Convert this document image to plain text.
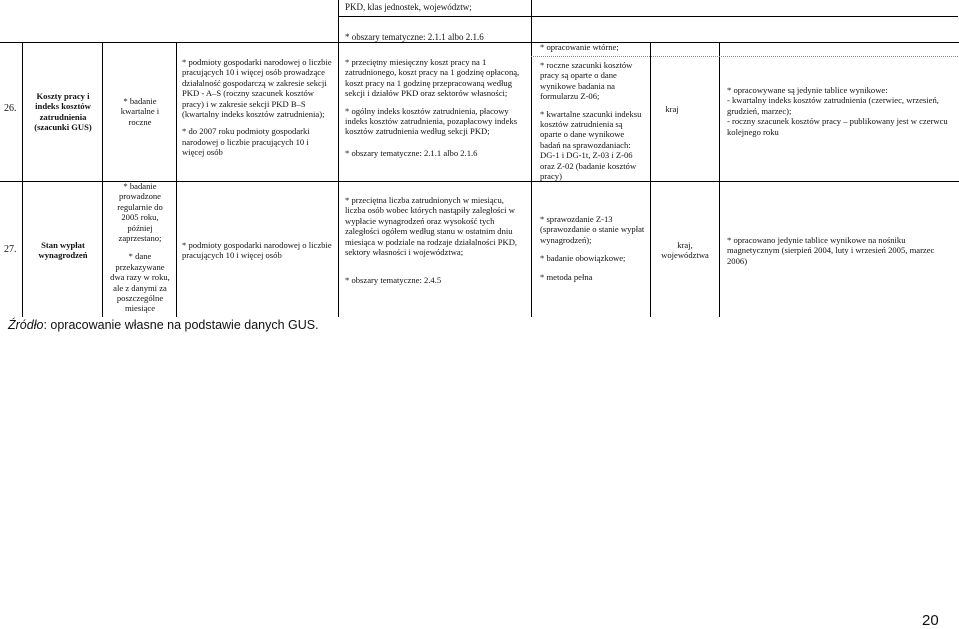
PKD, klas jednostek, województw;
* obszary tematyczne: 2.1.1 albo 2.1.6
26.
Koszty pracy i indeks kosztów zatrudnienia (szacunki GUS)
* badanie kwartalne i roczne

* podmioty gospodarki narodowej o liczbie pracujących 10 i więcej osób prowadzące działalność gospodarczą w zakresie sekcji PKD - A–S (roczny szacunek kosztów pracy) i w zakresie sekcji PKD B–S (kwartalny indeks kosztów zatrudnienia);

* do 2007 roku podmioty gospodarki narodowej o liczbie pracujących 10 i więcej osób

* przeciętny miesięczny koszt pracy na 1 zatrudnionego, koszt pracy na 1 godzinę opłaconą, koszt pracy na 1 godzinę przepracowaną według sekcji i działów PKD oraz sektorów własności;

* ogólny indeks kosztów zatrudnienia, płacowy indeks kosztów zatrudnienia, pozapłacowy indeks kosztów zatrudnienia według sekcji PKD;

* obszary tematyczne: 2.1.1 albo 2.1.6

* opracowanie wtórne;

* roczne szacunki kosztów pracy są oparte o dane wynikowe badania na formularzu Z-06;

* kwartalne szacunki indeksu kosztów zatrudnienia są oparte o dane wynikowe badań na sprawozdaniach: DG-1 i DG-1t, Z-03 i Z-06 oraz Z-02 (badanie kosztów pracy)

kraj
* opracowywane są jedynie tablice wynikowe:
- kwartalny indeks kosztów zatrudnienia (czerwiec, wrzesień, grudzień, marzec);
- roczny szacunek kosztów pracy – publikowany jest w czerwcu kolejnego roku
27.	Stan wypłat wynagrodzeń

* badanie prowadzone regularnie do 2005 roku, później zaprzestano;

* dane przekazywane dwa razy w roku, ale z danymi za poszczególne miesiące

* podmioty gospodarki narodowej o liczbie pracujących 10 i więcej osób

* przeciętna liczba zatrudnionych w miesiącu, liczba osób wobec których nastąpiły zaległości w wypłacie wynagrodzeń oraz wysokość tych zaległości ogółem według stanu w ostatnim dniu miesiąca w podziale na rodzaje działalności PKD, sektory własności i województwa;

* obszary tematyczne: 2.4.5

* sprawozdanie Z-13 (sprawozdanie o stanie wypłat wynagrodzeń);

* badanie obowiązkowe;

* metoda pełna

kraj, województwa

* opracowano jedynie tablice wynikowe na nośniku magnetycznym (sierpień 2004, luty i wrzesień 2005, marzec 2006)

Źródło: opracowanie własne na podstawie danych GUS.
20
